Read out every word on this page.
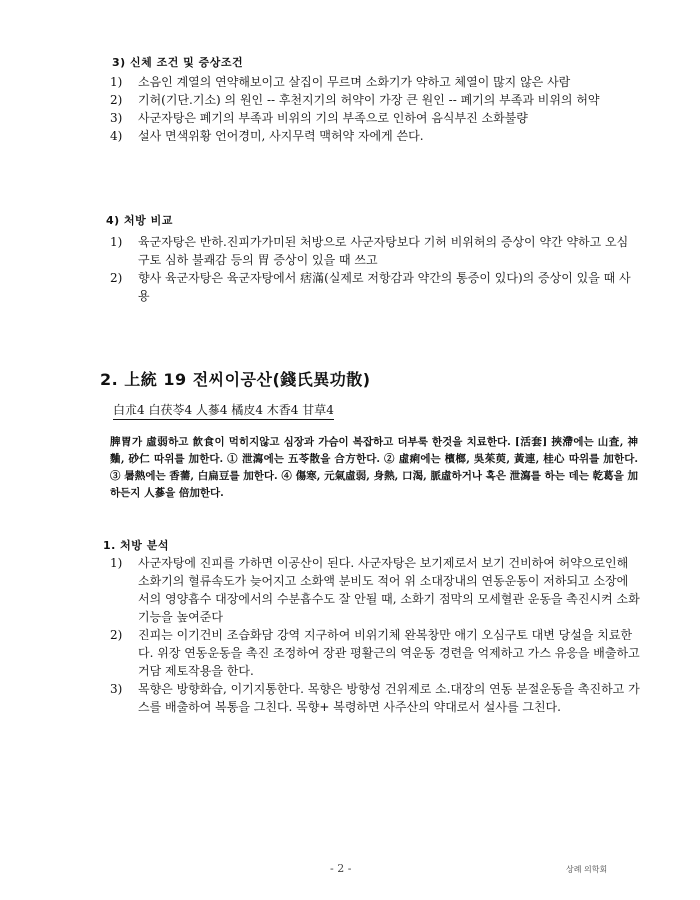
3) 신체 조건 및 증상조건
1) 소음인 계열의 연약해보이고 살집이 무르며 소화기가 약하고 체열이 많지 않은 사람
2) 기허(기단.기소) 의 원인 -- 후천지기의 허약이 가장 큰 원인 -- 폐기의 부족과 비위의 허약
3) 사군자탕은 폐기의 부족과 비위의 기의 부족으로 인하여 음식부진 소화불량
4) 설사 면색위황 언어경미, 사지무력 맥허약 자에게 쓴다.
4) 처방 비교
1) 육군자탕은 반하.진피가가미된 처방으로 사군자탕보다 기허 비위허의 증상이 약간 약하고 오심 구토 심하 불쾌감 등의 胃 증상이 있을 때 쓰고
2) 향사 육군자탕은 육군자탕에서 痞滿(실제로 저항감과 약간의 통증이 있다)의 증상이 있을 때 사용
2. 上統 19 전씨이공산(錢氏異功散)
白朮4 白茯苓4 人蔘4 橘皮4 木香4 甘草4
脾胃가 虛弱하고 飮食이 먹히지않고 심장과 가슴이 복잡하고 더부룩 한것을 치료한다. [活套] 挾滯에는 山査, 神麯, 砂仁 따위를 加한다. ① 泄瀉에는 五苓散을 合方한다. ② 虛痢에는 檳榔, 吳茱萸, 黃連, 桂心 따위를 加한다. ③ 暑熱에는 香薷, 白扁豆를 加한다. ④ 傷寒, 元氣虛弱, 身熱, 口渴, 脈虛하거나 혹은 泄瀉를 하는 데는 乾葛을 加하든지 人蔘을 倍加한다.
1. 처방 분석
1) 사군자탕에 진피를 가하면 이공산이 된다. 사군자탕은 보기제로서 보기 건비하여 허약으로인해 소화기의 혈류속도가 늦어지고 소화액 분비도 적어 위 소대장내의 연동운동이 저하되고 소장에 서의 영양흡수 대장에서의 수분흡수도 잘 안될 때, 소화기 점막의 모세혈관 운동을 촉진시켜 소화기능을 높여준다
2) 진피는 이기건비 조습화담 강역 지구하여 비위기체 완복창만 애기 오심구토 대변 당설을 치료한다. 위장 연동운동을 촉진 조정하여 장관 평활근의 역운동 경련을 억제하고 가스 유응을 배출하고 거담 제토작용을 한다.
3) 목향은 방향화습, 이기지통한다. 목향은 방향성 건위제로 소.대장의 연동 분절운동을 촉진하고 가스를 배출하여 복통을 그친다. 목향+ 복령하면 사주산의 약대로서 설사를 그친다.
- 2 -	상례 의학회
